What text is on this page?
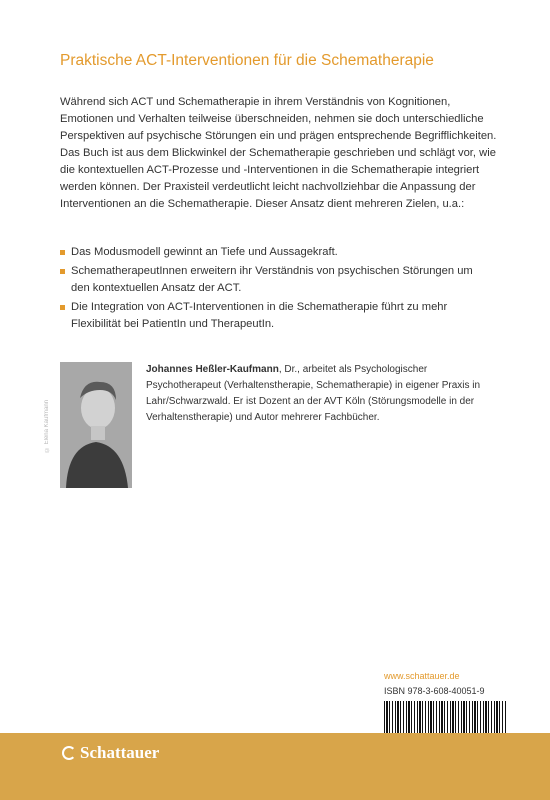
Praktische ACT-Interventionen für die Schematherapie

Während sich ACT und Schematherapie in ihrem Verständnis von Kognitionen, Emotionen und Verhalten teilweise überschneiden, nehmen sie doch unterschiedliche Perspektiven auf psychische Störungen ein und prägen entsprechende Begrifflichkeiten. Das Buch ist aus dem Blickwinkel der Schematherapie geschrieben und schlägt vor, wie die kontextuellen ACT-Prozesse und -Interventionen in die Schematherapie integriert werden können. Der Praxisteil verdeutlicht leicht nachvollziehbar die Anpassung der Interventionen an die Schematherapie. Dieser Ansatz dient mehreren Zielen, u.a.:

Das Modusmodell gewinnt an Tiefe und Aussagekraft.
SchematherapeutInnen erweitern ihr Verständnis von psychischen Störungen um den kontextuellen Ansatz der ACT.
Die Integration von ACT-Interventionen in die Schematherapie führt zu mehr Flexibilität bei PatientIn und TherapeutIn.
© Elena Kaufmann

Johannes Heßler-Kaufmann, Dr., arbeitet als Psychologischer Psychotherapeut (Verhaltenstherapie, Schematherapie) in eigener Praxis in Lahr/Schwarzwald. Er ist Dozent an der AVT Köln (Störungsmodelle in der Verhaltenstherapie) und Autor mehrerer Fachbücher.

www.schattauer.de
ISBN 978-3-608-40051-9
Schattauer
